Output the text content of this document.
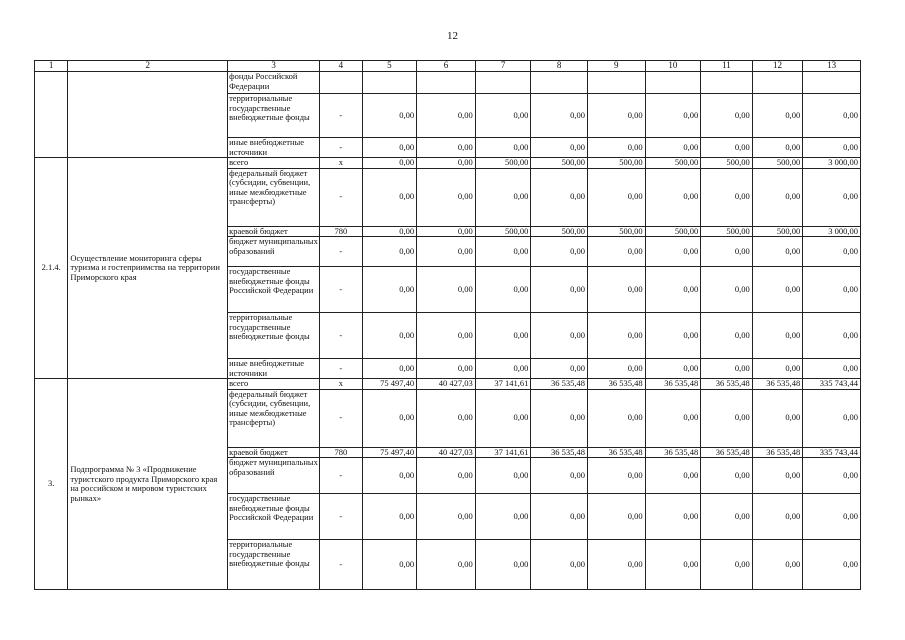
12
1	2	3	4	5	6	7	8	9	10	11	12	13
		фонды Российской Федерации										
		территориальные государственные внебюджетные фонды	-	0,00	0,00	0,00	0,00	0,00	0,00	0,00	0,00	0,00
		иные внебюджетные источники	-	0,00	0,00	0,00	0,00	0,00	0,00	0,00	0,00	0,00
2.1.4.	Осуществление мониторинга сферы туризма и гостеприимства на территории Приморского края	всего	x	0,00	0,00	500,00	500,00	500,00	500,00	500,00	500,00	3 000,00
		федеральный бюджет (субсидии, субвенции, иные межбюджетные трансферты)	-	0,00	0,00	0,00	0,00	0,00	0,00	0,00	0,00	0,00
		краевой бюджет	780	0,00	0,00	500,00	500,00	500,00	500,00	500,00	500,00	3 000,00
		бюджет муниципальных образований	-	0,00	0,00	0,00	0,00	0,00	0,00	0,00	0,00	0,00
		государственные внебюджетные фонды Российской Федерации	-	0,00	0,00	0,00	0,00	0,00	0,00	0,00	0,00	0,00
		территориальные государственные внебюджетные фонды	-	0,00	0,00	0,00	0,00	0,00	0,00	0,00	0,00	0,00
		иные внебюджетные источники	-	0,00	0,00	0,00	0,00	0,00	0,00	0,00	0,00	0,00
3.	Подпрограмма № 3 «Продвижение туристского продукта Приморского края на российском и мировом туристских рынках»	всего	x	75 497,40	40 427,03	37 141,61	36 535,48	36 535,48	36 535,48	36 535,48	36 535,48	335 743,44
		федеральный бюджет (субсидии, субвенции, иные межбюджетные трансферты)	-	0,00	0,00	0,00	0,00	0,00	0,00	0,00	0,00	0,00
		краевой бюджет	780	75 497,40	40 427,03	37 141,61	36 535,48	36 535,48	36 535,48	36 535,48	36 535,48	335 743,44
		бюджет муниципальных образований	-	0,00	0,00	0,00	0,00	0,00	0,00	0,00	0,00	0,00
		государственные внебюджетные фонды Российской Федерации	-	0,00	0,00	0,00	0,00	0,00	0,00	0,00	0,00	0,00
		территориальные государственные внебюджетные фонды	-	0,00	0,00	0,00	0,00	0,00	0,00	0,00	0,00	0,00
